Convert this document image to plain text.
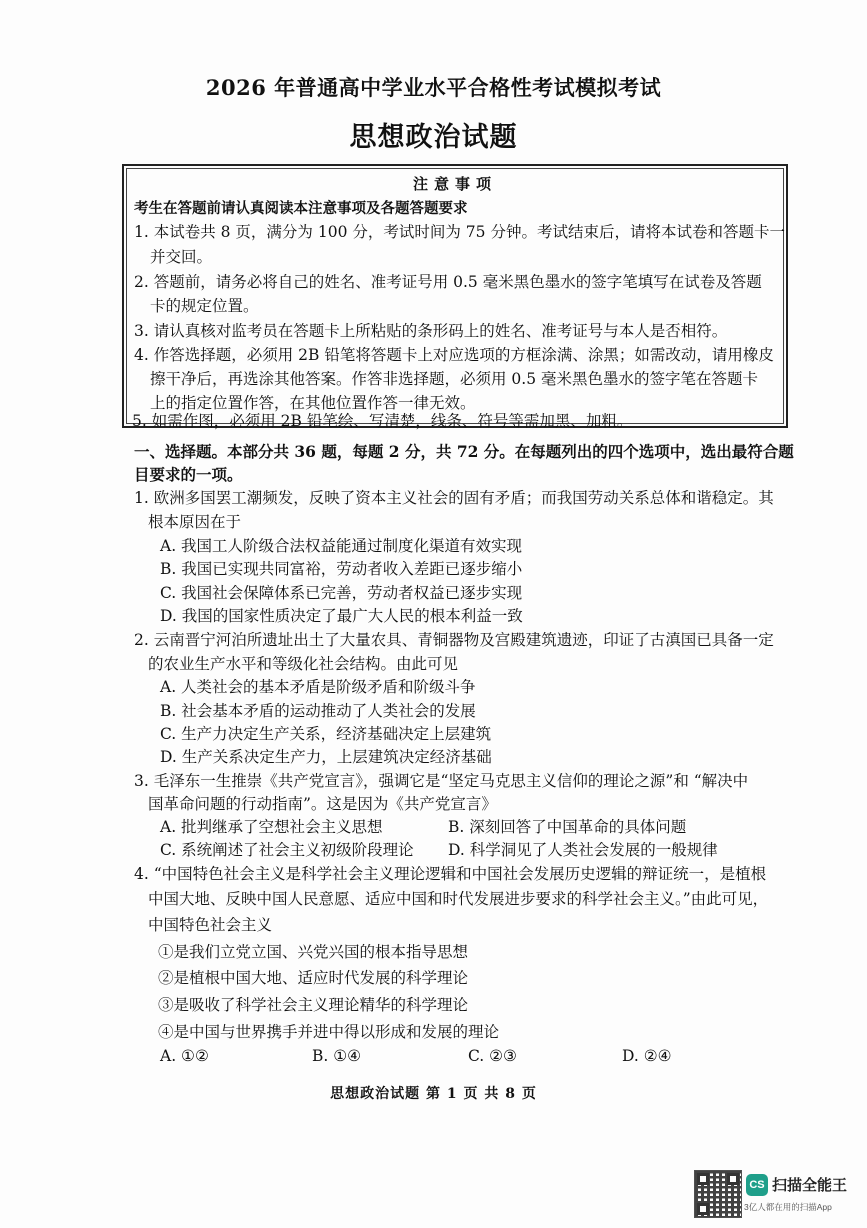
2026 年普通高中学业水平合格性考试模拟考试
思想政治试题
注意事项
考生在答题前请认真阅读本注意事项及各题答题要求
1. 本试卷共 8 页，满分为 100 分，考试时间为 75 分钟。考试结束后，请将本试卷和答题卡一
并交回。
2. 答题前，请务必将自己的姓名、准考证号用 0.5 毫米黑色墨水的签字笔填写在试卷及答题
卡的规定位置。
3. 请认真核对监考员在答题卡上所粘贴的条形码上的姓名、准考证号与本人是否相符。
4. 作答选择题，必须用 2B 铅笔将答题卡上对应选项的方框涂满、涂黑；如需改动，请用橡皮
擦干净后，再选涂其他答案。作答非选择题，必须用 0.5 毫米黑色墨水的签字笔在答题卡
上的指定位置作答，在其他位置作答一律无效。
5. 如需作图，必须用 2B 铅笔绘、写清楚，线条、符号等需加黑、加粗。
一、选择题。本部分共 36 题，每题 2 分，共 72 分。在每题列出的四个选项中，选出最符合题
目要求的一项。
1. 欧洲多国罢工潮频发，反映了资本主义社会的固有矛盾；而我国劳动关系总体和谐稳定。其
根本原因在于
A. 我国工人阶级合法权益能通过制度化渠道有效实现
B. 我国已实现共同富裕，劳动者收入差距已逐步缩小
C. 我国社会保障体系已完善，劳动者权益已逐步实现
D. 我国的国家性质决定了最广大人民的根本利益一致
2. 云南晋宁河泊所遗址出土了大量农具、青铜器物及宫殿建筑遗迹，印证了古滇国已具备一定
的农业生产水平和等级化社会结构。由此可见
A. 人类社会的基本矛盾是阶级矛盾和阶级斗争
B. 社会基本矛盾的运动推动了人类社会的发展
C. 生产力决定生产关系，经济基础决定上层建筑
D. 生产关系决定生产力，上层建筑决定经济基础
3. 毛泽东一生推崇《共产党宣言》，强调它是“坚定马克思主义信仰的理论之源”和 “解决中
国革命问题的行动指南”。这是因为《共产党宣言》
A. 批判继承了空想社会主义思想	B. 深刻回答了中国革命的具体问题
C. 系统阐述了社会主义初级阶段理论 D. 科学洞见了人类社会发展的一般规律
4. “中国特色社会主义是科学社会主义理论逻辑和中国社会发展历史逻辑的辩证统一，是植根
中国大地、反映中国人民意愿、适应中国和时代发展进步要求的科学社会主义。”由此可见，
中国特色社会主义
①是我们立党立国、兴党兴国的根本指导思想
②是植根中国大地、适应时代发展的科学理论
③是吸收了科学社会主义理论精华的科学理论
④是中国与世界携手并进中得以形成和发展的理论
A. ①②	B. ①④	C. ②③	D. ②④
思想政治试题 第 1 页 共 8 页
CS 扫描全能王
3亿人都在用的扫描App
